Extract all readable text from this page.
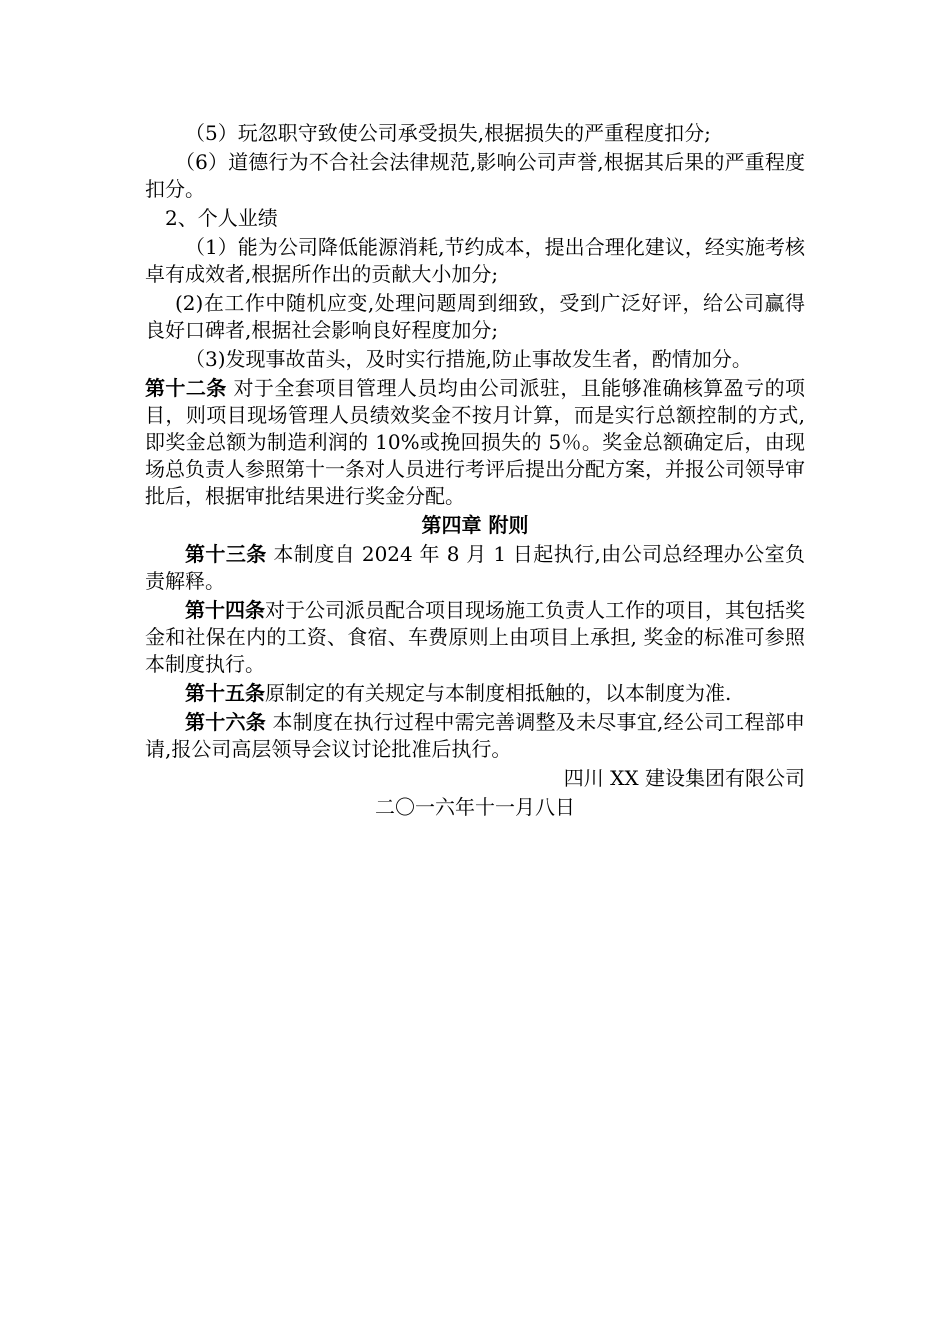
（5）玩忽职守致使公司承受损失,根据损失的严重程度扣分;

（6）道德行为不合社会法律规范,影响公司声誉,根据其后果的严重程度扣分。

2、个人业绩

（1）能为公司降低能源消耗,节约成本，提出合理化建议，经实施考核卓有成效者,根据所作出的贡献大小加分;

(2)在工作中随机应变,处理问题周到细致，受到广泛好评，给公司赢得良好口碑者,根据社会影响良好程度加分;

（3)发现事故苗头，及时实行措施,防止事故发生者，酌情加分。

第十二条 对于全套项目管理人员均由公司派驻，且能够准确核算盈亏的项目，则项目现场管理人员绩效奖金不按月计算，而是实行总额控制的方式,即奖金总额为制造利润的 10%或挽回损失的 5％。奖金总额确定后，由现场总负责人参照第十一条对人员进行考评后提出分配方案，并报公司领导审批后，根据审批结果进行奖金分配。

第四章 附则

第十三条 本制度自 2024 年 8 月 1 日起执行,由公司总经理办公室负责解释。

第十四条对于公司派员配合项目现场施工负责人工作的项目，其包括奖金和社保在内的工资、食宿、车费原则上由项目上承担, 奖金的标准可参照本制度执行。

第十五条原制定的有关规定与本制度相抵触的，以本制度为准.

第十六条 本制度在执行过程中需完善调整及未尽事宜,经公司工程部申请,报公司高层领导会议讨论批准后执行。

四川 XX 建设集团有限公司

二〇一六年十一月八日
